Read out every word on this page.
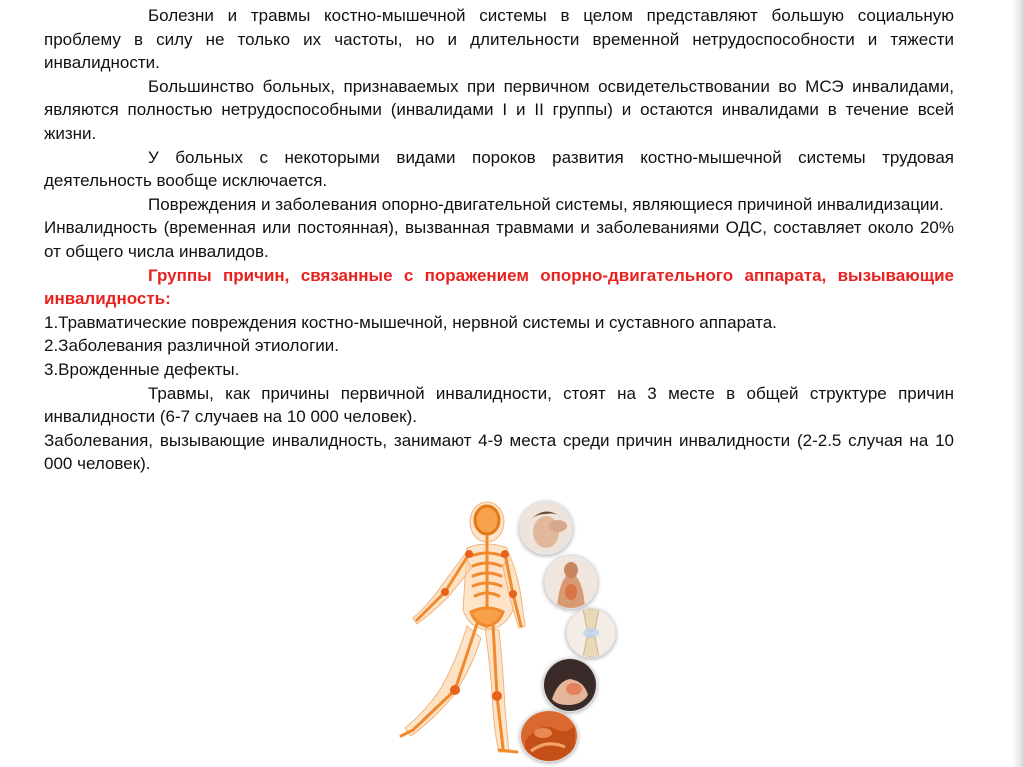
Болезни и травмы костно-мышечной системы в целом представляют большую социальную проблему в силу не только их частоты, но и длительности временной нетрудоспособности и тяжести инвалидности.

Большинство больных, признаваемых при первичном освидетельствовании во МСЭ инвалидами, являются полностью нетрудоспособными (инвалидами I и II группы) и остаются инвалидами в течение всей жизни.

У больных с некоторыми видами пороков развития костно-мышечной системы трудовая деятельность вообще исключается.

Повреждения и заболевания опорно-двигательной системы, являющиеся причиной инвалидизации.

Инвалидность (временная или постоянная), вызванная травмами и заболеваниями ОДС, составляет около 20% от общего числа инвалидов.

Группы причин, связанные с поражением опорно-двигательного аппарата, вызывающие инвалидность:

1.Травматические повреждения костно-мышечной, нервной системы и суставного аппарата.

2.Заболевания различной этиологии.

3.Врожденные дефекты.

Травмы, как причины первичной инвалидности, стоят на 3 месте в общей структуре причин инвалидности (6-7 случаев на 10 000 человек).

Заболевания, вызывающие инвалидность, занимают 4-9 места среди причин инвалидности (2-2.5 случая на 10 000 человек).
